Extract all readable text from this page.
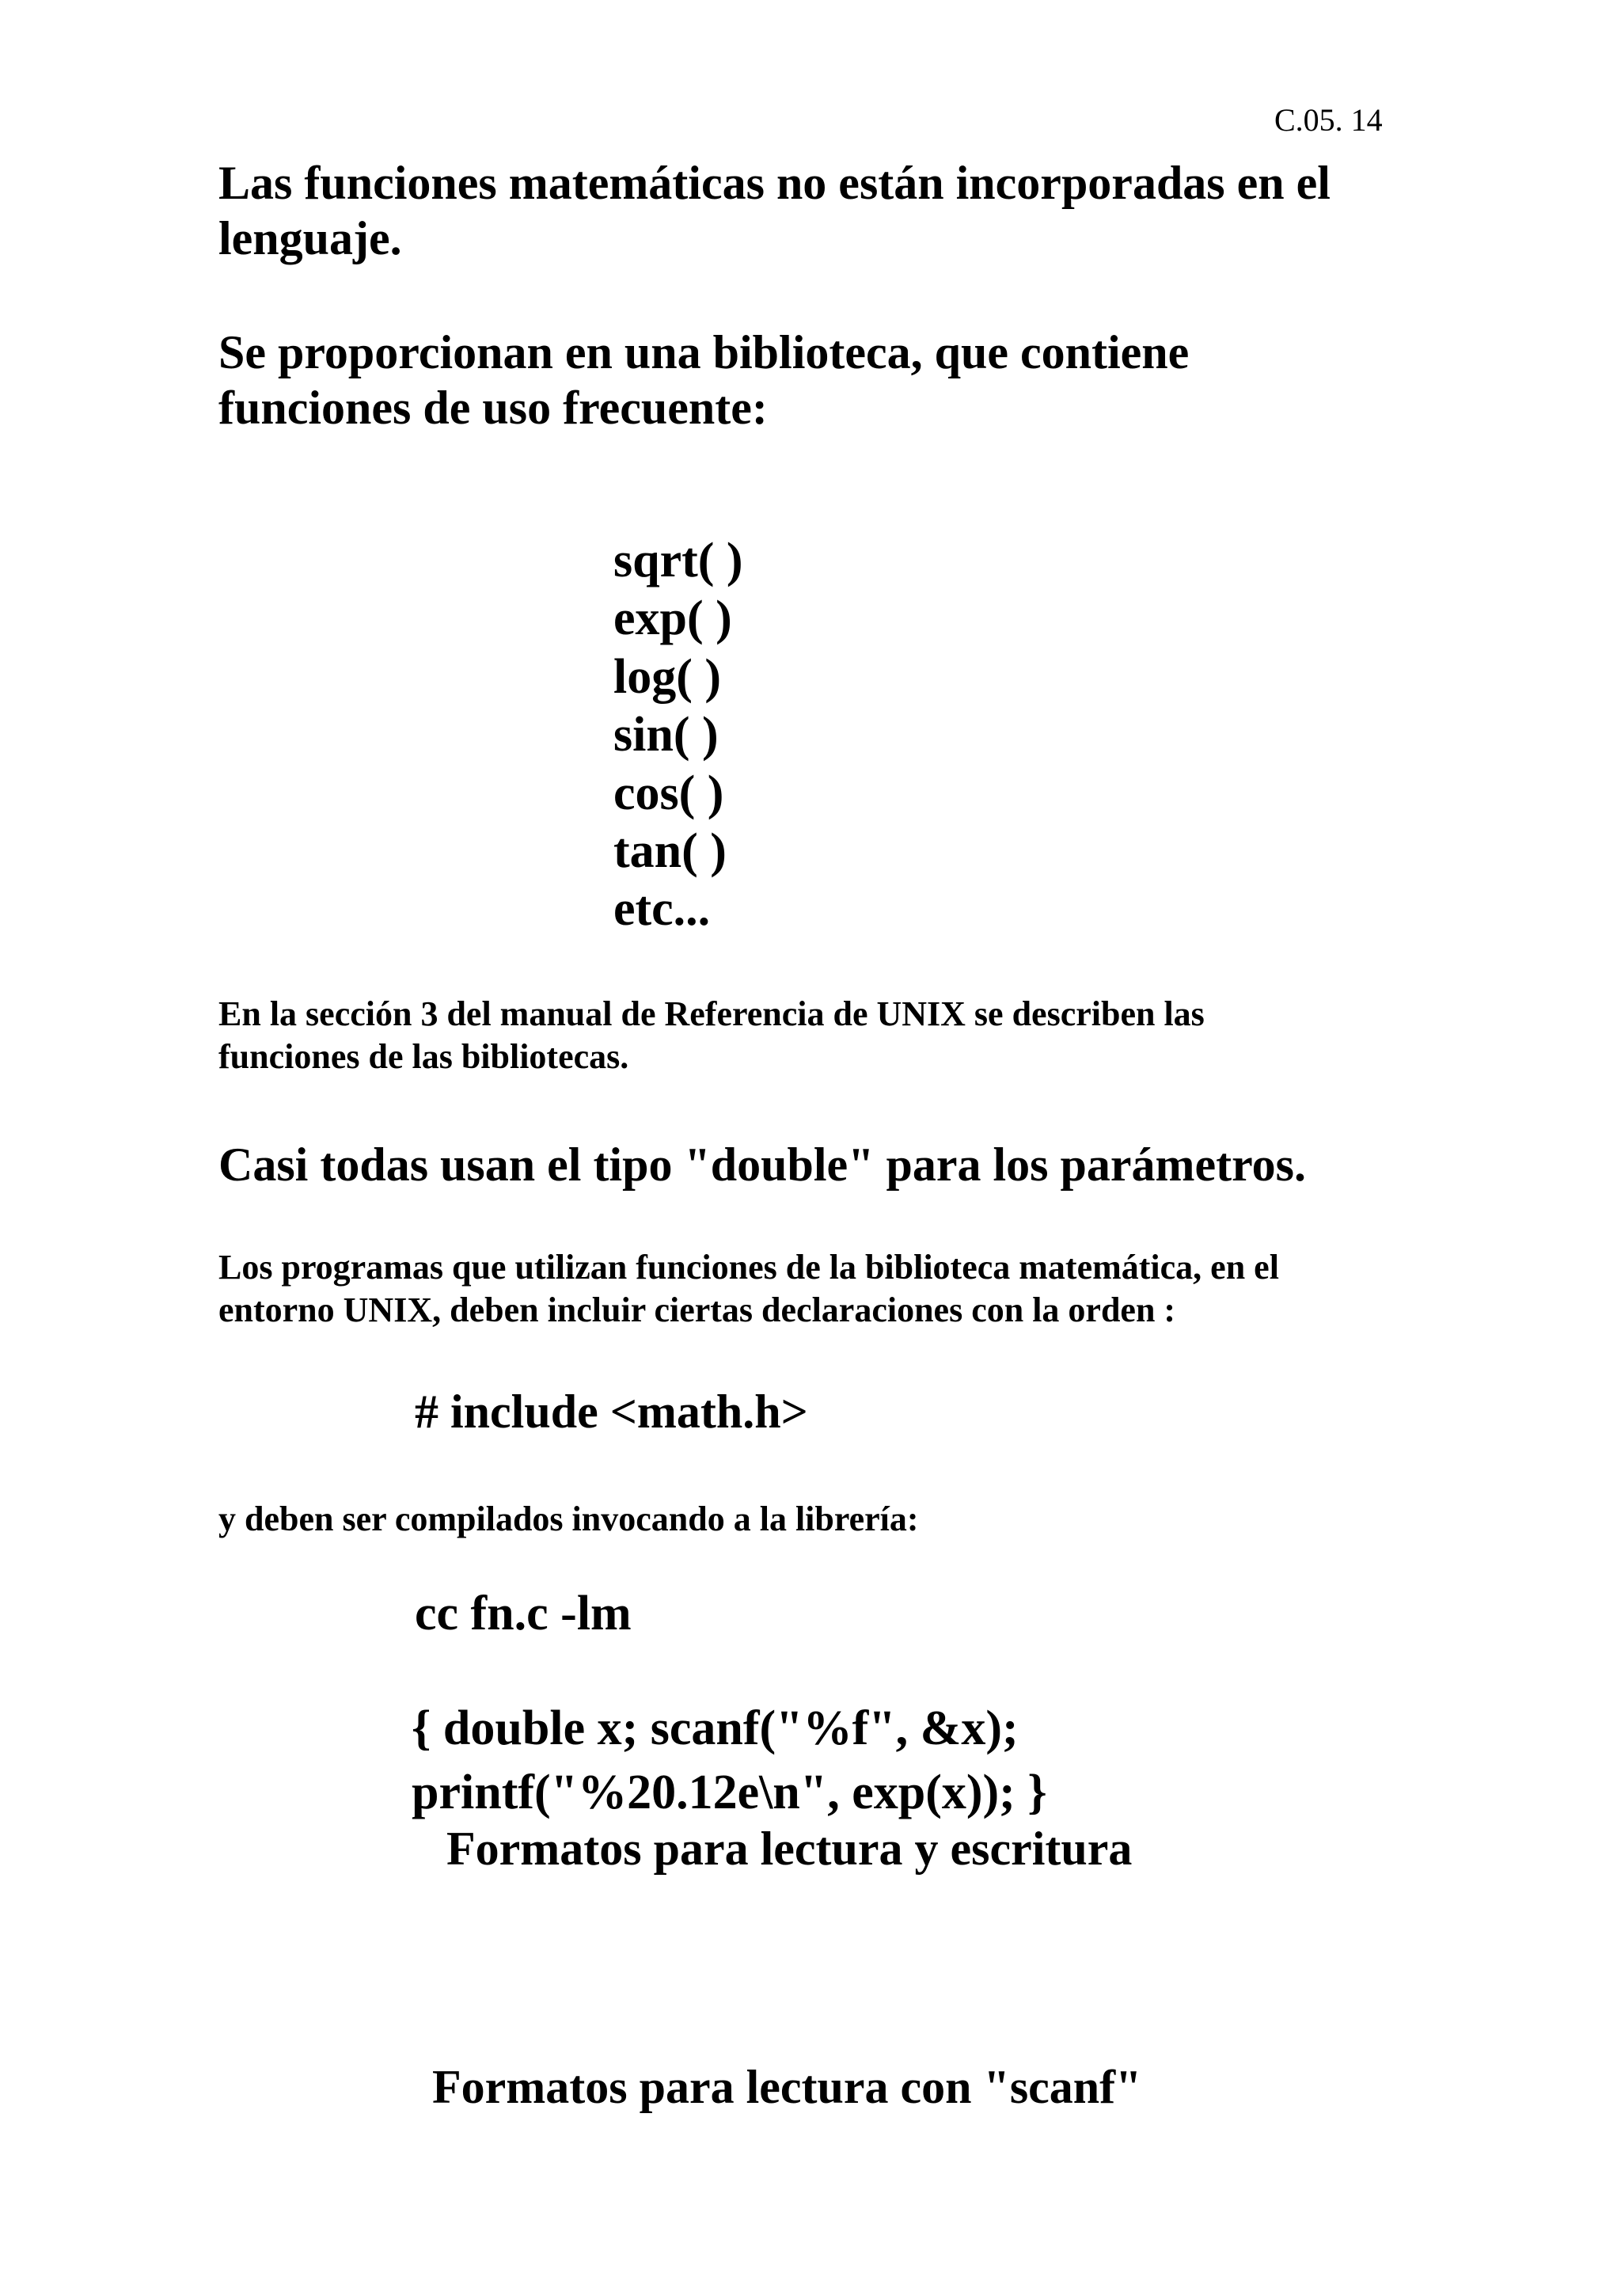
C.05. 14

Las funciones matemáticas no están incorporadas en el
lenguaje.

Se proporcionan en una biblioteca, que contiene
funciones de uso frecuente:

sqrt( )
exp( )
log( )
sin( )
cos( )
tan( )
etc...

En la sección 3 del manual de Referencia de UNIX se describen las
funciones de las bibliotecas.

Casi todas usan el tipo "double" para los parámetros.

Los programas que utilizan funciones de la biblioteca matemática, en el
entorno UNIX, deben incluir ciertas declaraciones con la orden :

# include <math.h>

y deben ser compilados invocando a la librería:

cc fn.c -lm
{ double x; scanf("%f", &x);
printf("%20.12e\n", exp(x)); }
Formatos para lectura y escritura
Formatos para lectura con "scanf"
